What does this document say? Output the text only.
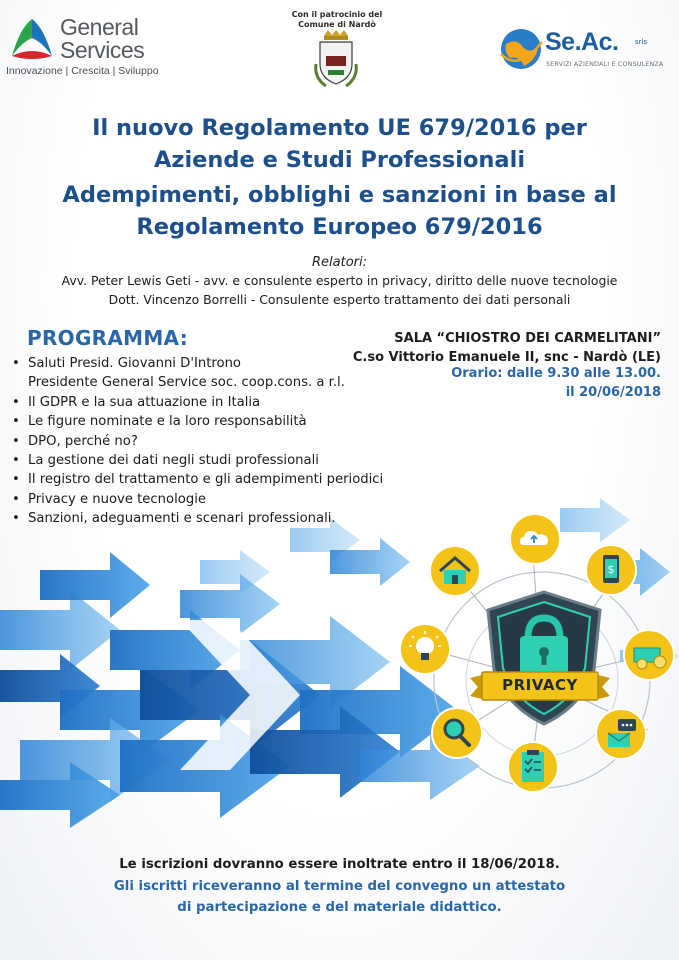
PRIVACY
$
General
Services
Innovazione | Crescita | Sviluppo
Con il patrocinio del
Comune di Nardò
Se.Ac. srls
SERVIZI AZIENDALI E CONSULENZA
Il nuovo Regolamento UE 679/2016 per
Aziende e Studi Professionali
Adempimenti, obblighi e sanzioni in base al
Regolamento Europeo 679/2016
Relatori:
Avv. Peter Lewis Geti - avv. e consulente esperto in privacy, diritto delle nuove tecnologie
Dott. Vincenzo Borrelli - Consulente esperto trattamento dei dati personali
PROGRAMMA:
• Saluti Presid. Giovanni D'Introno
Presidente General Service soc. coop.cons. a r.l.
• Il GDPR e la sua attuazione in Italia
• Le figure nominate e la loro responsabilità
• DPO, perché no?
• La gestione dei dati negli studi professionali
• Il registro del trattamento e gli adempimenti periodici
• Privacy e nuove tecnologie
• Sanzioni, adeguamenti e scenari professionali.
SALA “CHIOSTRO DEI CARMELITANI”
C.so Vittorio Emanuele II, snc - Nardò (LE)
Orario: dalle 9.30 alle 13.00.
il 20/06/2018
Le iscrizioni dovranno essere inoltrate entro il 18/06/2018.
Gli iscritti riceveranno al termine del convegno un attestato
di partecipazione e del materiale didattico.
